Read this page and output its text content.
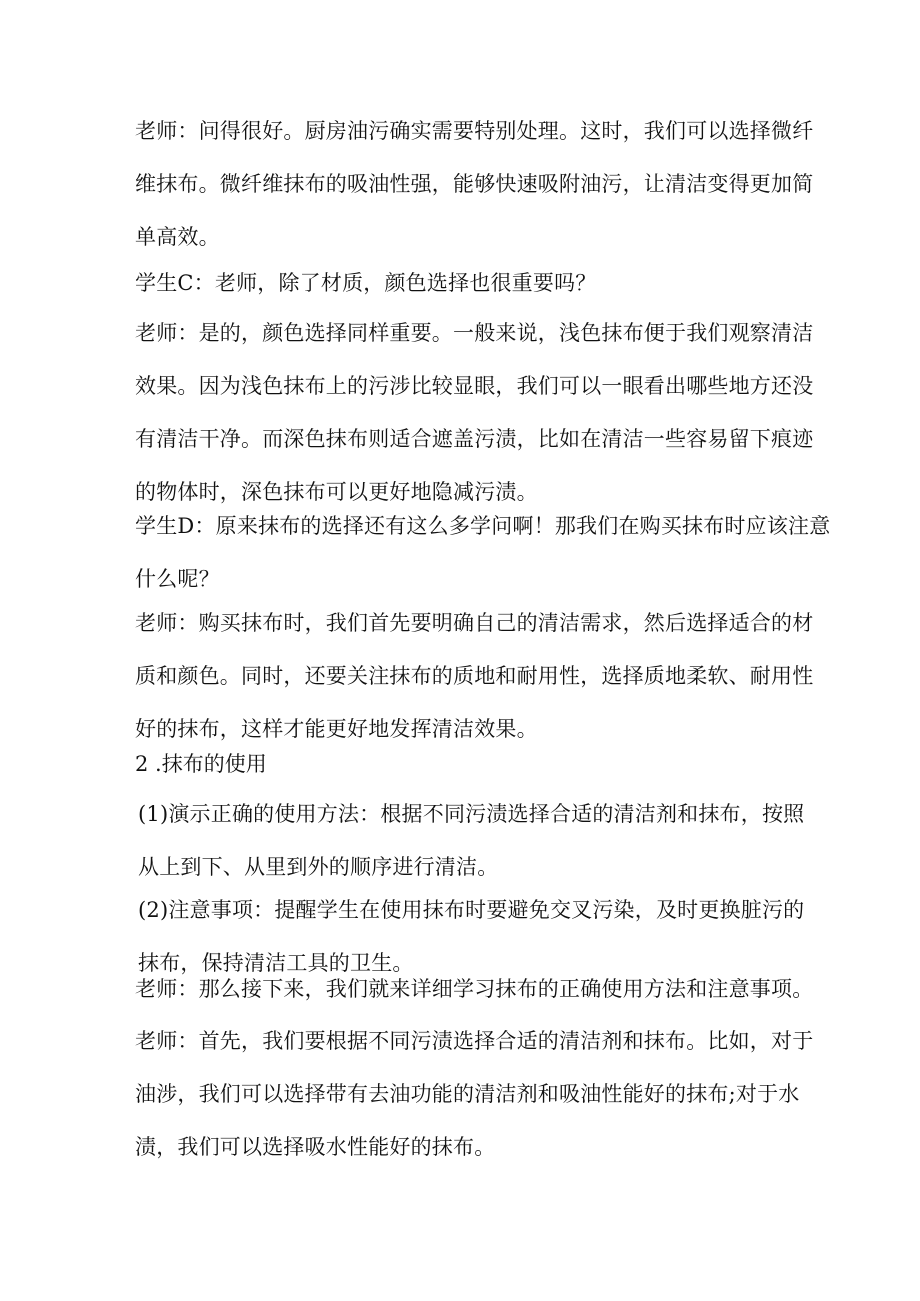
老师：问得很好。厨房油污确实需要特别处理。这时，我们可以选择微纤
维抹布。微纤维抹布的吸油性强，能够快速吸附油污，让清洁变得更加简
单高效。
学生C：老师，除了材质，颜色选择也很重要吗？
老师：是的，颜色选择同样重要。一般来说，浅色抹布便于我们观察清洁
效果。因为浅色抹布上的污涉比较显眼，我们可以一眼看出哪些地方还没
有清洁干净。而深色抹布则适合遮盖污渍，比如在清洁一些容易留下痕迹
的物体时，深色抹布可以更好地隐减污渍。
学生D：原来抹布的选择还有这么多学问啊！那我们在购买抹布时应该注意
什么呢？
老师：购买抹布时，我们首先要明确自己的清洁需求，然后选择适合的材
质和颜色。同时，还要关注抹布的质地和耐用性，选择质地柔软、耐用性
好的抹布，这样才能更好地发挥清洁效果。
2 .抹布的使用
(1)演示正确的使用方法：根据不同污渍选择合适的清洁剂和抹布，按照
从上到下、从里到外的顺序进行清洁。
(2)注意事项：提醒学生在使用抹布时要避免交叉污染，及时更换脏污的
抹布，保持清洁工具的卫生。
老师：那么接下来，我们就来详细学习抹布的正确使用方法和注意事项。
老师：首先，我们要根据不同污渍选择合适的清洁剂和抹布。比如，对于
油涉，我们可以选择带有去油功能的清洁剂和吸油性能好的抹布;对于水
渍，我们可以选择吸水性能好的抹布。
